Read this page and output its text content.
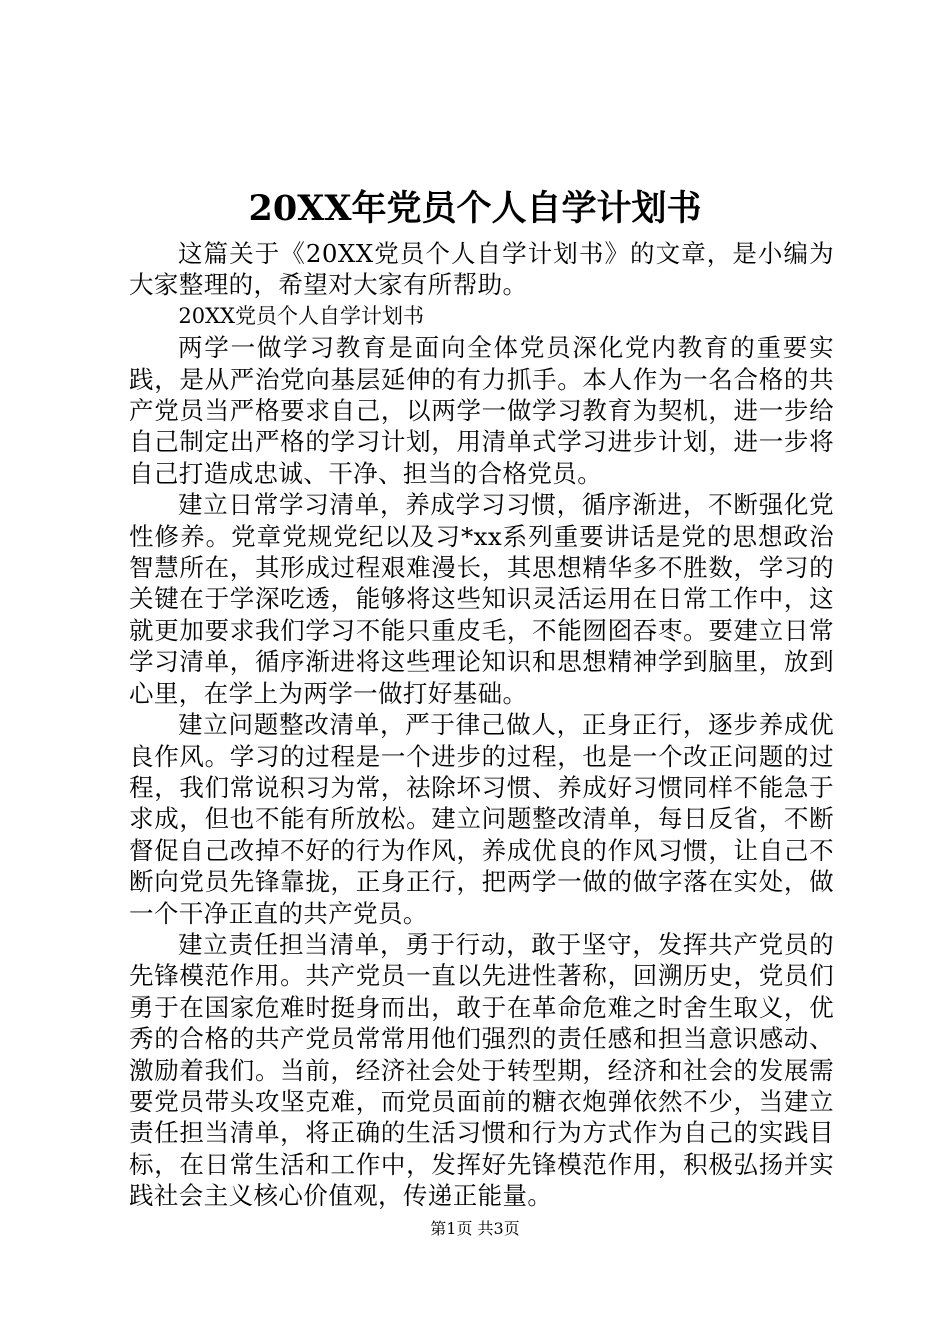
20XX年党员个人自学计划书

这篇关于《20XX党员个人自学计划书》的文章，是小编为大家整理的，希望对大家有所帮助。

20XX党员个人自学计划书

两学一做学习教育是面向全体党员深化党内教育的重要实践，是从严治党向基层延伸的有力抓手。本人作为一名合格的共产党员当严格要求自己，以两学一做学习教育为契机，进一步给自己制定出严格的学习计划，用清单式学习进步计划，进一步将自己打造成忠诚、干净、担当的合格党员。

建立日常学习清单，养成学习习惯，循序渐进，不断强化党性修养。党章党规党纪以及习*xx系列重要讲话是党的思想政治智慧所在，其形成过程艰难漫长，其思想精华多不胜数，学习的关键在于学深吃透，能够将这些知识灵活运用在日常工作中，这就更加要求我们学习不能只重皮毛，不能囫囵吞枣。要建立日常学习清单，循序渐进将这些理论知识和思想精神学到脑里，放到心里，在学上为两学一做打好基础。

建立问题整改清单，严于律己做人，正身正行，逐步养成优良作风。学习的过程是一个进步的过程，也是一个改正问题的过程，我们常说积习为常，祛除坏习惯、养成好习惯同样不能急于求成，但也不能有所放松。建立问题整改清单，每日反省，不断督促自己改掉不好的行为作风，养成优良的作风习惯，让自己不断向党员先锋靠拢，正身正行，把两学一做的做字落在实处，做一个干净正直的共产党员。

建立责任担当清单，勇于行动，敢于坚守，发挥共产党员的先锋模范作用。共产党员一直以先进性著称，回溯历史，党员们勇于在国家危难时挺身而出，敢于在革命危难之时舍生取义，优秀的合格的共产党员常常用他们强烈的责任感和担当意识感动、激励着我们。当前，经济社会处于转型期，经济和社会的发展需要党员带头攻坚克难，而党员面前的糖衣炮弹依然不少，当建立责任担当清单，将正确的生活习惯和行为方式作为自己的实践目标，在日常生活和工作中，发挥好先锋模范作用，积极弘扬并实践社会主义核心价值观，传递正能量。

第1页 共3页
